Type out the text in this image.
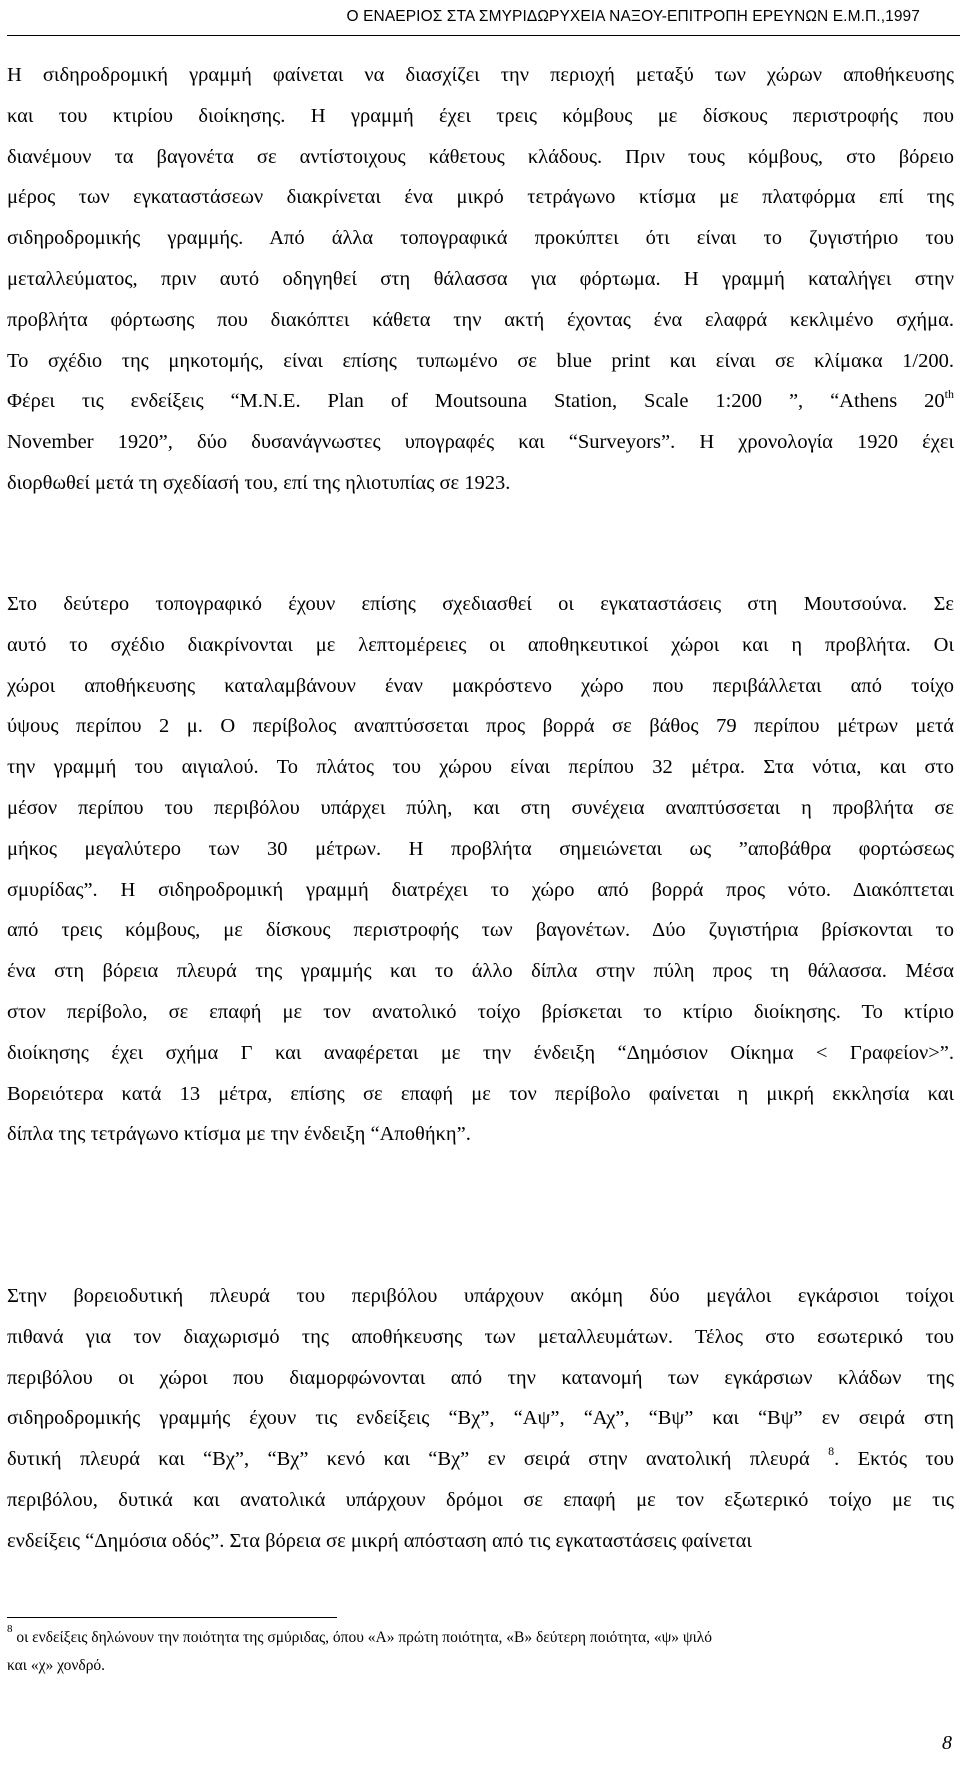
Ο ΕΝΑΕΡΙΟΣ ΣΤΑ ΣΜΥΡΙΔΩΡΥΧΕΙΑ ΝΑΞΟΥ-ΕΠΙΤΡΟΠΗ ΕΡΕΥΝΩΝ Ε.Μ.Π.,1997
Η σιδηροδρομική γραμμή φαίνεται να διασχίζει την περιοχή μεταξύ των χώρων αποθήκευσης
και του κτιρίου διοίκησης. Η γραμμή έχει τρεις κόμβους με δίσκους περιστροφής που
διανέμουν τα βαγονέτα σε αντίστοιχους κάθετους κλάδους. Πριν τους κόμβους, στο βόρειο
μέρος των εγκαταστάσεων διακρίνεται ένα μικρό τετράγωνο κτίσμα με πλατφόρμα επί της
σιδηροδρομικής γραμμής. Από άλλα τοπογραφικά προκύπτει ότι είναι το ζυγιστήριο του
μεταλλεύματος, πριν αυτό οδηγηθεί στη θάλασσα για φόρτωμα. Η γραμμή καταλήγει στην
προβλήτα φόρτωσης που διακόπτει κάθετα την ακτή έχοντας ένα ελαφρά κεκλιμένο σχήμα.
Το σχέδιο της μηκοτομής, είναι επίσης τυπωμένο σε blue print και είναι σε κλίμακα 1/200.
Φέρει τις ενδείξεις “M.N.E. Plan of Moutsouna Station, Scale 1:200 ”, “Athens 20th
November 1920”, δύο δυσανάγνωστες υπογραφές και “Surveyors”. Η χρονολογία 1920 έχει
διορθωθεί μετά τη σχεδίασή του, επί της ηλιοτυπίας σε 1923.
Στο δεύτερο τοπογραφικό έχουν επίσης σχεδιασθεί οι εγκαταστάσεις στη Μουτσούνα. Σε
αυτό το σχέδιο διακρίνονται με λεπτομέρειες οι αποθηκευτικοί χώροι και η προβλήτα. Οι
χώροι αποθήκευσης καταλαμβάνουν έναν μακρόστενο χώρο που περιβάλλεται από τοίχο
ύψους περίπου 2 μ. Ο περίβολος αναπτύσσεται προς βορρά σε βάθος 79 περίπου μέτρων μετά
την γραμμή του αιγιαλού. Το πλάτος του χώρου είναι περίπου 32 μέτρα. Στα νότια, και στο
μέσον περίπου του περιβόλου υπάρχει πύλη, και στη συνέχεια αναπτύσσεται η προβλήτα σε
μήκος μεγαλύτερο των 30 μέτρων. Η προβλήτα σημειώνεται ως ”αποβάθρα φορτώσεως
σμυρίδας”. Η σιδηροδρομική γραμμή διατρέχει το χώρο από βορρά προς νότο. Διακόπτεται
από τρεις κόμβους, με δίσκους περιστροφής των βαγονέτων. Δύο ζυγιστήρια βρίσκονται το
ένα στη βόρεια πλευρά της γραμμής και το άλλο δίπλα στην πύλη προς τη θάλασσα. Μέσα
στον περίβολο, σε επαφή με τον ανατολικό τοίχο βρίσκεται το κτίριο διοίκησης. Το κτίριο
διοίκησης έχει σχήμα Γ και αναφέρεται με την ένδειξη “Δημόσιον Οίκημα < Γραφείον>”.
Βορειότερα κατά 13 μέτρα, επίσης σε επαφή με τον περίβολο φαίνεται η μικρή εκκλησία και
δίπλα της τετράγωνο κτίσμα με την ένδειξη “Αποθήκη”.
Στην βορειοδυτική πλευρά του περιβόλου υπάρχουν ακόμη δύο μεγάλοι εγκάρσιοι τοίχοι
πιθανά για τον διαχωρισμό της αποθήκευσης των μεταλλευμάτων. Τέλος στο εσωτερικό του
περιβόλου οι χώροι που διαμορφώνονται από την κατανομή των εγκάρσιων κλάδων της
σιδηροδρομικής γραμμής έχουν τις ενδείξεις “Βχ”, “Αψ”, “Αχ”, “Βψ” και “Βψ” εν σειρά στη
δυτική πλευρά και “Βχ”, “Βχ” κενό και “Βχ” εν σειρά στην ανατολική πλευρά $^8$. Εκτός του
περιβόλου, δυτικά και ανατολικά υπάρχουν δρόμοι σε επαφή με τον εξωτερικό τοίχο με τις
ενδείξεις “Δημόσια οδός”. Στα βόρεια σε μικρή απόσταση από τις εγκαταστάσεις φαίνεται
$^8$ οι ενδείξεις δηλώνουν την ποιότητα της σμύριδας, όπου «Α» πρώτη ποιότητα, «Β» δεύτερη ποιότητα, «ψ» ψιλό
και «χ» χονδρό.
8
